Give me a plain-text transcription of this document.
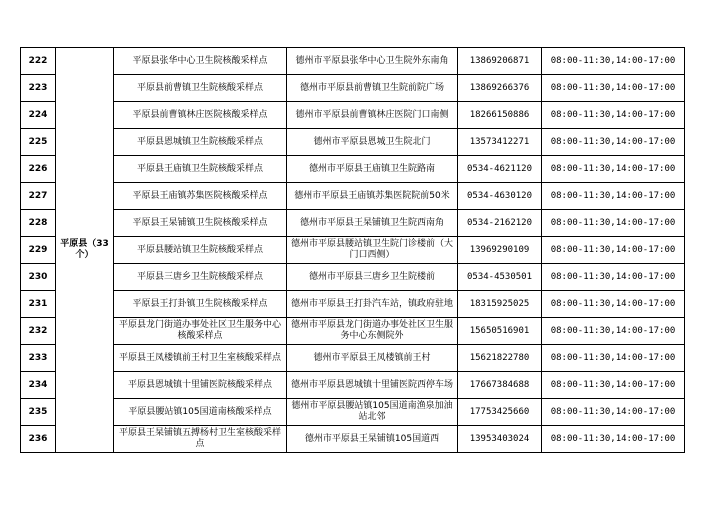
222	平原县（33个）	平原县张华中心卫生院核酸采样点	德州市平原县张华中心卫生院外东南角	13869206871	08:00-11:30,14:00-17:00
223		平原县前曹镇卫生院核酸采样点	德州市平原县前曹镇卫生院前院广场	13869266376	08:00-11:30,14:00-17:00
224		平原县前曹镇林庄医院核酸采样点	德州市平原县前曹镇林庄医院门口南侧	18266150886	08:00-11:30,14:00-17:00
225		平原县恩城镇卫生院核酸采样点	德州市平原县恩城卫生院北门	13573412271	08:00-11:30,14:00-17:00
226		平原县王庙镇卫生院核酸采样点	德州市平原县王庙镇卫生院路南	0534-4621120	08:00-11:30,14:00-17:00
227		平原县王庙镇苏集医院核酸采样点	德州市平原县王庙镇苏集医院院前50米	0534-4630120	08:00-11:30,14:00-17:00
228		平原县王杲铺镇卫生院核酸采样点	德州市平原县王杲铺镇卫生院西南角	0534-2162120	08:00-11:30,14:00-17:00
229		平原县腰站镇卫生院核酸采样点	德州市平原县腰站镇卫生院门诊楼前（大门口西侧）	13969290109	08:00-11:30,14:00-17:00
230		平原县三唐乡卫生院核酸采样点	德州市平原县三唐乡卫生院楼前	0534-4530501	08:00-11:30,14:00-17:00
231		平原县王打卦镇卫生院核酸采样点	德州市平原县王打卦汽车站，镇政府驻地	18315925025	08:00-11:30,14:00-17:00
232		平原县龙门街道办事处社区卫生服务中心核酸采样点	德州市平原县龙门街道办事处社区卫生服务中心东侧院外	15650516901	08:00-11:30,14:00-17:00
233		平原县王凤楼镇前王村卫生室核酸采样点	德州市平原县王凤楼镇前王村	15621822780	08:00-11:30,14:00-17:00
234		平原县恩城镇十里铺医院核酸采样点	德州市平原县恩城镇十里铺医院西停车场	17667384688	08:00-11:30,14:00-17:00
235		平原县腰站镇105国道南核酸采样点	德州市平原县腰站镇105国道南渔泉加油站北邻	17753425660	08:00-11:30,14:00-17:00
236		平原县王杲铺镇五搏杨村卫生室核酸采样点	德州市平原县王杲铺镇105国道西	13953403024	08:00-11:30,14:00-17:00
